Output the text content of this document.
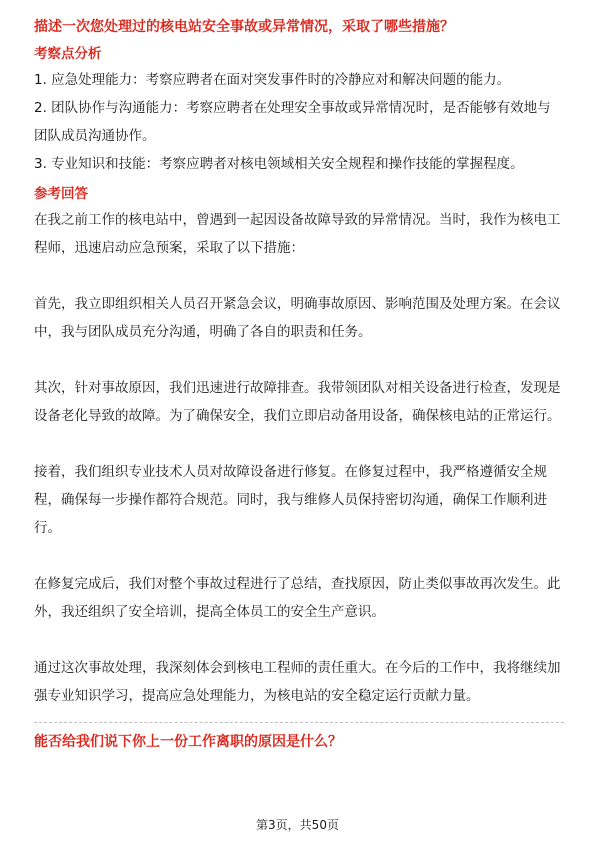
描述一次您处理过的核电站安全事故或异常情况，采取了哪些措施？

考察点分析

1. 应急处理能力：考察应聘者在面对突发事件时的冷静应对和解决问题的能力。

2. 团队协作与沟通能力：考察应聘者在处理安全事故或异常情况时，是否能够有效地与团队成员沟通协作。

3. 专业知识和技能：考察应聘者对核电领域相关安全规程和操作技能的掌握程度。

参考回答

在我之前工作的核电站中，曾遇到一起因设备故障导致的异常情况。当时，我作为核电工程师，迅速启动应急预案，采取了以下措施：

首先，我立即组织相关人员召开紧急会议，明确事故原因、影响范围及处理方案。在会议中，我与团队成员充分沟通，明确了各自的职责和任务。

其次，针对事故原因，我们迅速进行故障排查。我带领团队对相关设备进行检查，发现是设备老化导致的故障。为了确保安全，我们立即启动备用设备，确保核电站的正常运行。

接着，我们组织专业技术人员对故障设备进行修复。在修复过程中，我严格遵循安全规程，确保每一步操作都符合规范。同时，我与维修人员保持密切沟通，确保工作顺利进行。

在修复完成后，我们对整个事故过程进行了总结，查找原因，防止类似事故再次发生。此外，我还组织了安全培训，提高全体员工的安全生产意识。

通过这次事故处理，我深刻体会到核电工程师的责任重大。在今后的工作中，我将继续加强专业知识学习，提高应急处理能力，为核电站的安全稳定运行贡献力量。

能否给我们说下你上一份工作离职的原因是什么？

第3页，共50页
